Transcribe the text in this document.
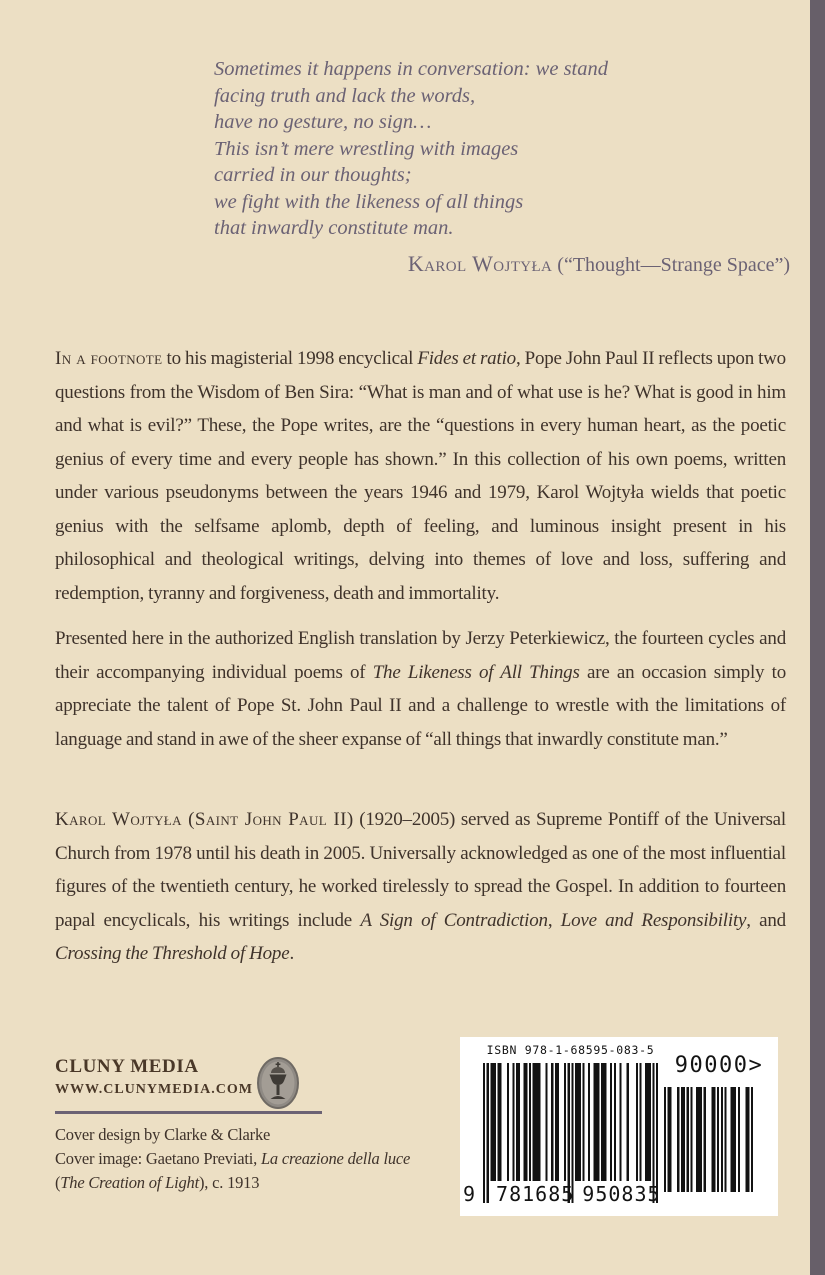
Sometimes it happens in conversation: we stand
facing truth and lack the words,
have no gesture, no sign…
This isn’t mere wrestling with images
carried in our thoughts;
we fight with the likeness of all things
that inwardly constitute man.
Karol Wojtyła (“Thought—Strange Space”)

In a footnote to his magisterial 1998 encyclical Fides et ratio, Pope John Paul II reflects upon two questions from the Wisdom of Ben Sira: “What is man and of what use is he? What is good in him and what is evil?” These, the Pope writes, are the “questions in every human heart, as the poetic genius of every time and every people has shown.” In this collection of his own poems, written under various pseudonyms between the years 1946 and 1979, Karol Wojtyła wields that poetic genius with the selfsame aplomb, depth of feeling, and luminous insight present in his philosophical and theological writings, delving into themes of love and loss, suffering and redemption, tyranny and forgiveness, death and immortality.

Presented here in the authorized English translation by Jerzy Peterkiewicz, the fourteen cycles and their accompanying individual poems of The Likeness of All Things are an occasion simply to appreciate the talent of Pope St. John Paul II and a challenge to wrestle with the limitations of language and stand in awe of the sheer expanse of “all things that inwardly constitute man.”

Karol Wojtyła (Saint John Paul II) (1920–2005) served as Supreme Pontiff of the Universal Church from 1978 until his death in 2005. Universally acknowledged as one of the most influential figures of the twentieth century, he worked tirelessly to spread the Gospel. In addition to fourteen papal encyclicals, his writings include A Sign of Contradiction, Love and Responsibility, and Crossing the Threshold of Hope.

CLUNY MEDIA
WWW.CLUNYMEDIA.COM
Cover design by Clarke & Clarke
Cover image: Gaetano Previati, La creazione della luce
(The Creation of Light), c. 1913
ISBN 978-1-68595-083-5
9 781685 950835
90000>
